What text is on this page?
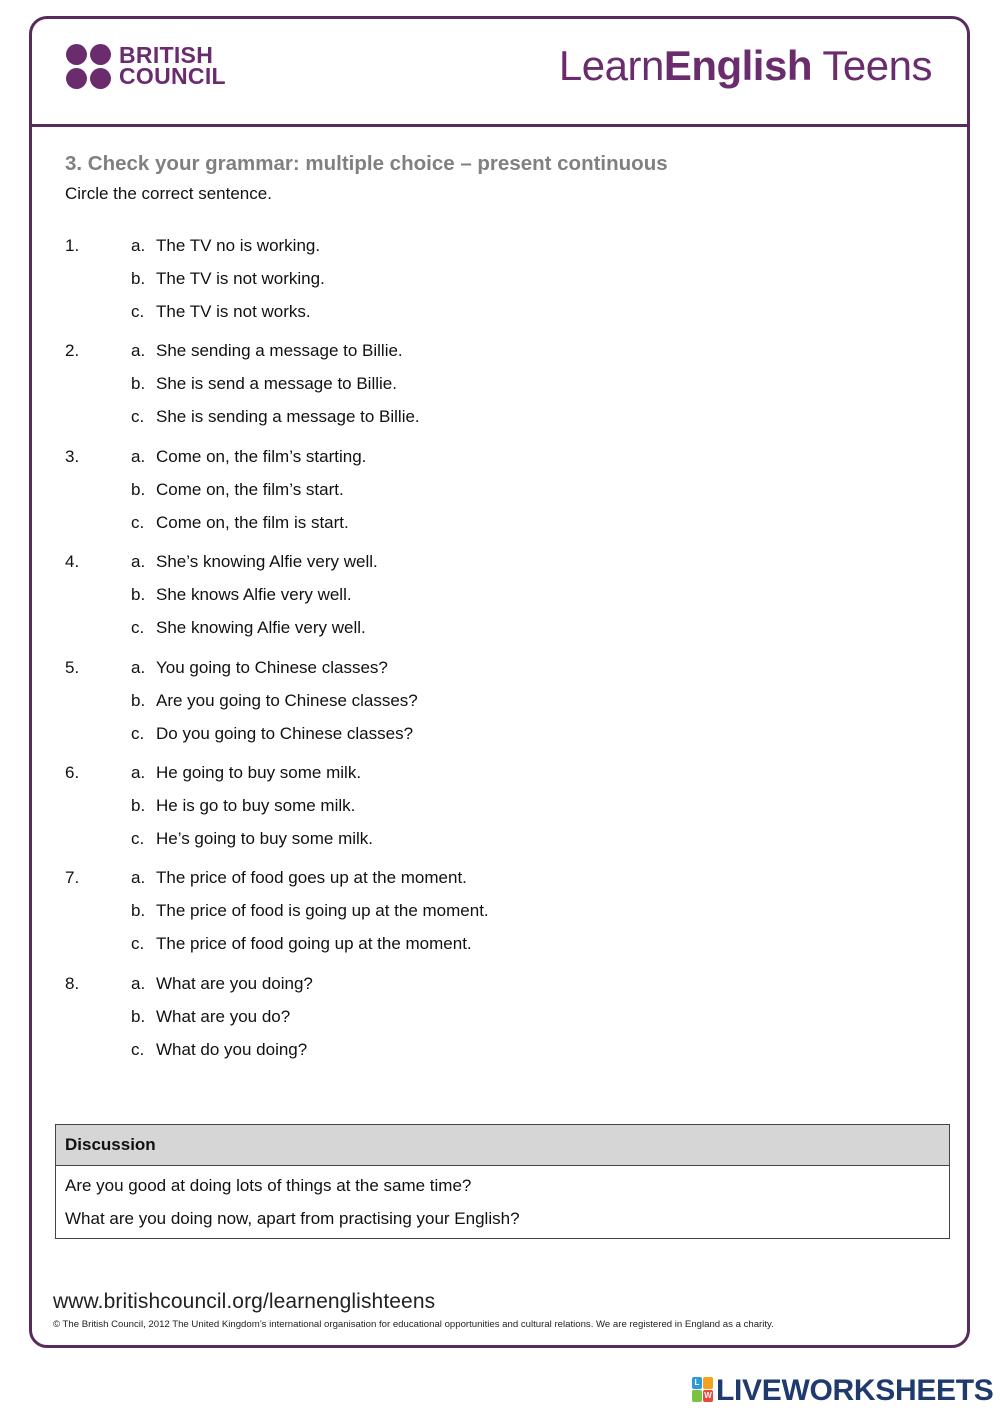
BRITISH
COUNCIL	LearnEnglish Teens
3. Check your grammar: multiple choice – present continuous
Circle the correct sentence.
1.	a. The TV no is working.
b. The TV is not working.
c. The TV is not works.
2.	a. She sending a message to Billie.
b. She is send a message to Billie.
c. She is sending a message to Billie.
3.	a. Come on, the film’s starting.
b. Come on, the film’s start.
c. Come on, the film is start.
4.	a. She’s knowing Alfie very well.
b. She knows Alfie very well.
c. She knowing Alfie very well.
5.	a. You going to Chinese classes?
b. Are you going to Chinese classes?
c. Do you going to Chinese classes?
6.	a. He going to buy some milk.
b. He is go to buy some milk.
c. He’s going to buy some milk.
7.	a. The price of food goes up at the moment.
b. The price of food is going up at the moment.
c. The price of food going up at the moment.
8.	a. What are you doing?
b. What are you do?
c. What do you doing?
Discussion
Are you good at doing lots of things at the same time?
What are you doing now, apart from practising your English?
www.britishcouncil.org/learnenglishteens
© The British Council, 2012 The United Kingdom’s international organisation for educational opportunities and cultural relations. We are registered in England as a charity.
L
W LIVEWORKSHEETS
